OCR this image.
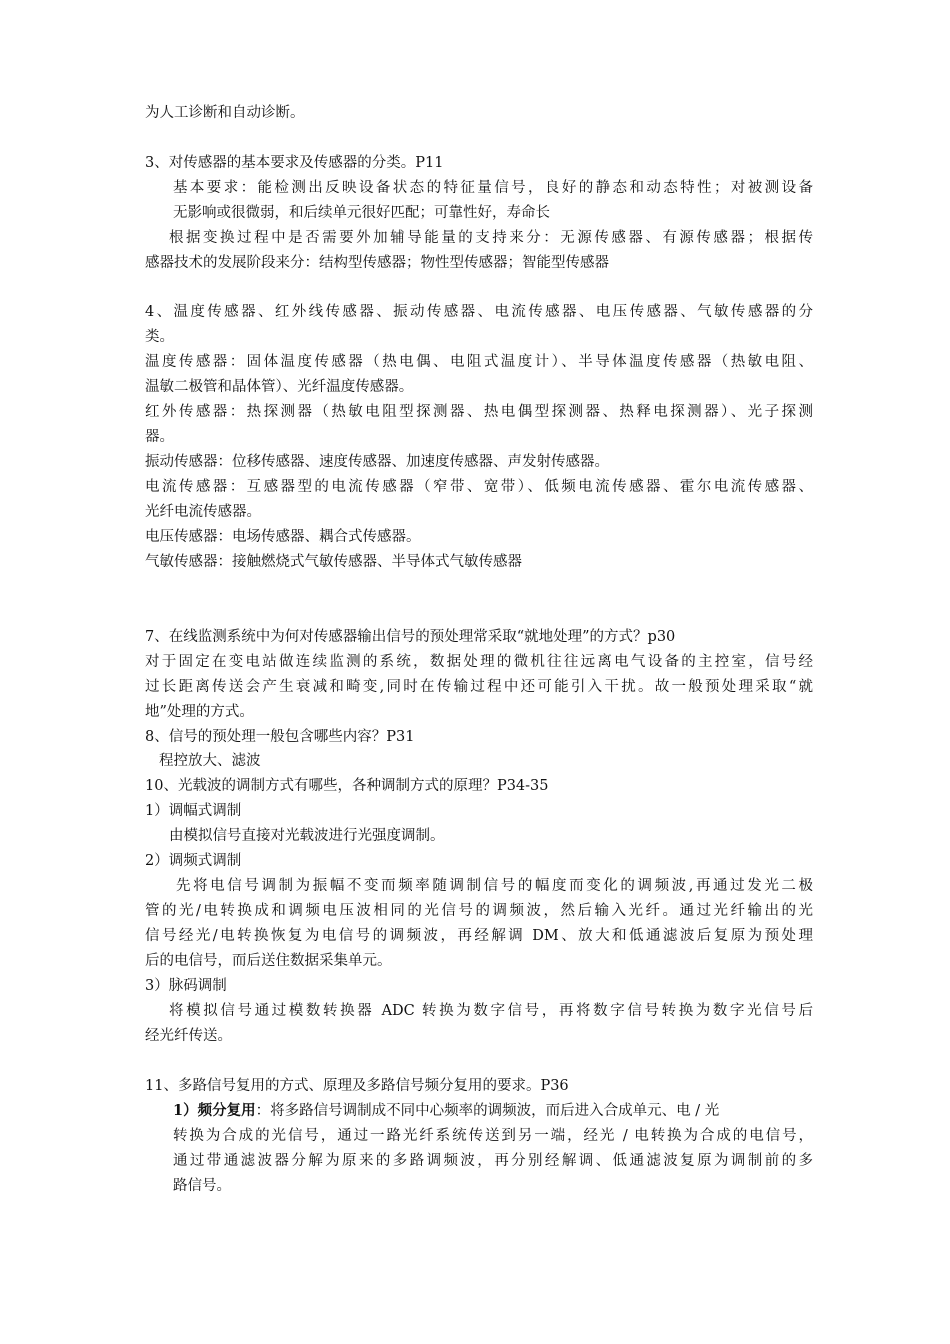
为人工诊断和自动诊断。

3、对传感器的基本要求及传感器的分类。P11

基本要求：能检测出反映设备状态的特征量信号，良好的静态和动态特性；对被测设备

无影响或很微弱，和后续单元很好匹配；可靠性好，寿命长

根据变换过程中是否需要外加辅导能量的支持来分：无源传感器、有源传感器；根据传

感器技术的发展阶段来分：结构型传感器；物性型传感器；智能型传感器

4、温度传感器、红外线传感器、振动传感器、电流传感器、电压传感器、气敏传感器的分

类。

温度传感器：固体温度传感器（热电偶、电阻式温度计）、半导体温度传感器（热敏电阻、

温敏二极管和晶体管）、光纤温度传感器。

红外传感器：热探测器（热敏电阻型探测器、热电偶型探测器、热释电探测器）、光子探测

器。

振动传感器：位移传感器、速度传感器、加速度传感器、声发射传感器。

电流传感器：互感器型的电流传感器（窄带、宽带）、低频电流传感器、霍尔电流传感器、

光纤电流传感器。

电压传感器：电场传感器、耦合式传感器。

气敏传感器：接触燃烧式气敏传感器、半导体式气敏传感器

7、在线监测系统中为何对传感器输出信号的预处理常采取“就地处理”的方式？p30

对于固定在变电站做连续监测的系统，数据处理的微机往往远离电气设备的主控室，信号经

过长距离传送会产生衰减和畸变,同时在传输过程中还可能引入干扰。故一般预处理采取“就

地”处理的方式。

8、信号的预处理一般包含哪些内容？P31

程控放大、滤波

10、光载波的调制方式有哪些，各种调制方式的原理？P34-35

1）调幅式调制

由模拟信号直接对光载波进行光强度调制。

2）调频式调制

先将电信号调制为振幅不变而频率随调制信号的幅度而变化的调频波,再通过发光二极

管的光/电转换成和调频电压波相同的光信号的调频波，然后输入光纤。通过光纤输出的光

信号经光/电转换恢复为电信号的调频波，再经解调 DM、放大和低通滤波后复原为预处理

后的电信号，而后送住数据采集单元。

3）脉码调制

将模拟信号通过模数转换器 ADC 转换为数字信号，再将数字信号转换为数字光信号后

经光纤传送。

11、多路信号复用的方式、原理及多路信号频分复用的要求。P36

1）频分复用：将多路信号调制成不同中心频率的调频波，而后进入合成单元、电 / 光

转换为合成的光信号，通过一路光纤系统传送到另一端，经光 / 电转换为合成的电信号，

通过带通滤波器分解为原来的多路调频波，再分别经解调、低通滤波复原为调制前的多

路信号。
